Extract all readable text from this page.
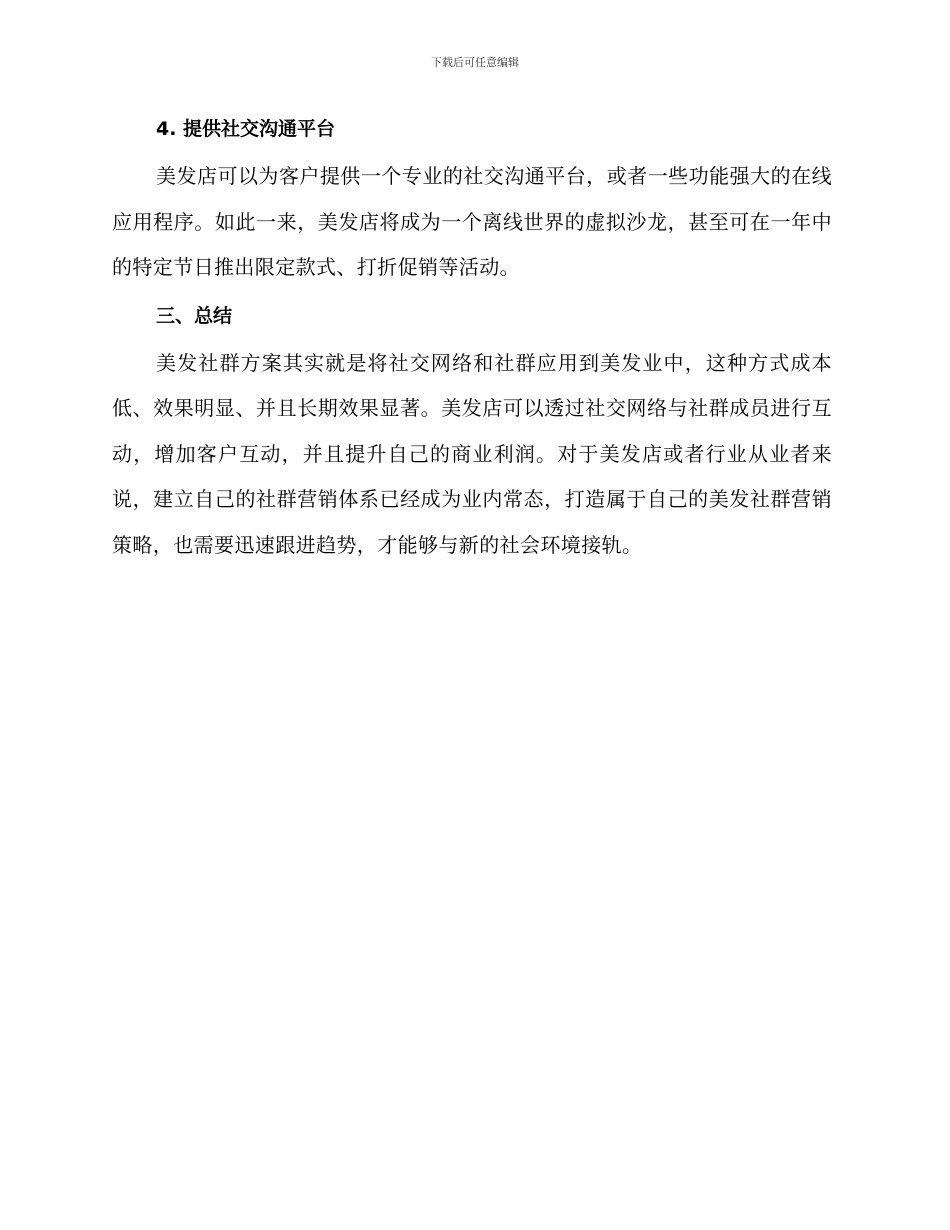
下载后可任意编辑
4. 提供社交沟通平台

美发店可以为客户提供一个专业的社交沟通平台，或者一些功能强大的在线应用程序。如此一来，美发店将成为一个离线世界的虚拟沙龙，甚至可在一年中的特定节日推出限定款式、打折促销等活动。

三、总结

美发社群方案其实就是将社交网络和社群应用到美发业中，这种方式成本低、效果明显、并且长期效果显著。美发店可以透过社交网络与社群成员进行互动，增加客户互动，并且提升自己的商业利润。对于美发店或者行业从业者来说，建立自己的社群营销体系已经成为业内常态，打造属于自己的美发社群营销策略，也需要迅速跟进趋势，才能够与新的社会环境接轨。
